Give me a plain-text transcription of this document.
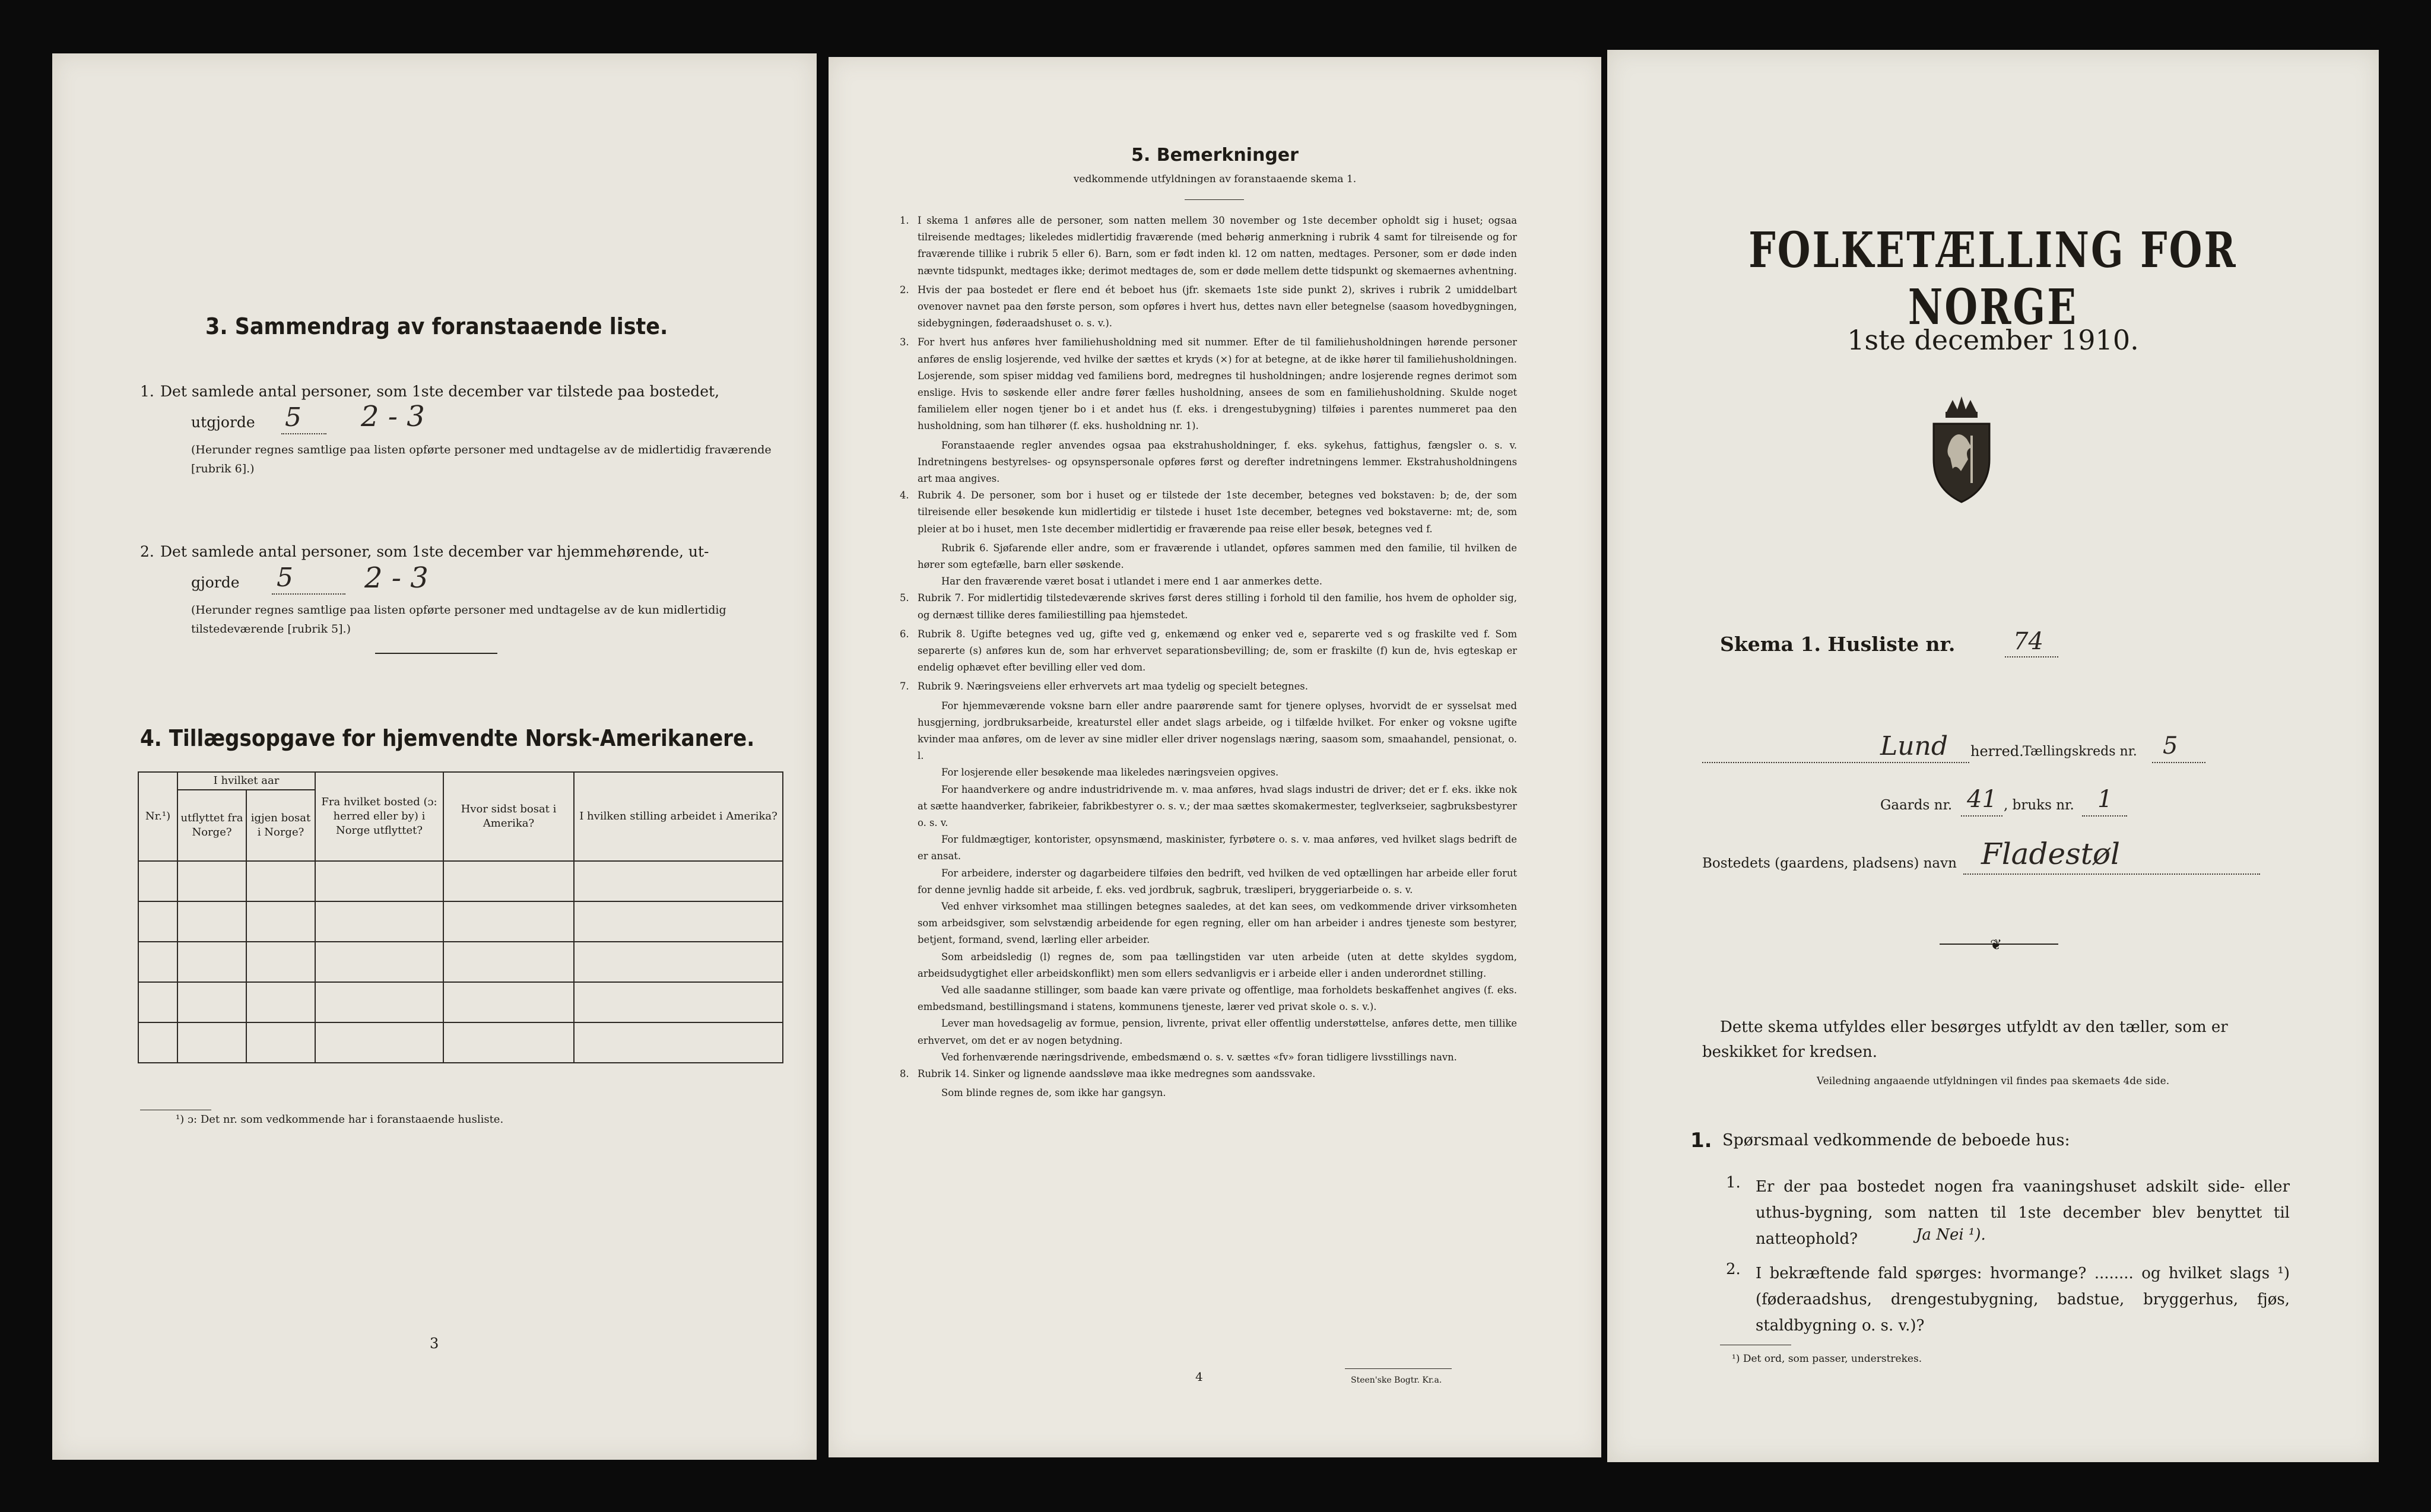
3. Sammendrag av foranstaaende liste.
1. Det samlede antal personer, som 1ste december var tilstede paa bostedet,
utgjorde 5 2 - 3
(Herunder regnes samtlige paa listen opførte personer med undtagelse av de midlertidig fraværende [rubrik 6].)
2. Det samlede antal personer, som 1ste december var hjemmehørende, ut-
gjorde 5	2 - 3
(Herunder regnes samtlige paa listen opførte personer med undtagelse av de kun midlertidig tilstedeværende [rubrik 5].)
4. Tillægsopgave for hjemvendte Norsk-Amerikanere.
Nr.¹)	I hvilket aar		Fra hvilket bosted (ɔ: herred eller by) i Norge utflyttet?	Hvor sidst bosat i Amerika?	I hvilken stilling arbeidet i Amerika?
	utflyttet fra Norge?	igjen bosat i Norge?			

¹) ɔ: Det nr. som vedkommende har i foranstaaende husliste.
3
5. Bemerkninger
vedkommende utfyldningen av foranstaaende skema 1.
1. I skema 1 anføres alle de personer, som natten mellem 30 november og 1ste december opholdt sig i huset; ogsaa tilreisende medtages; likeledes midlertidig fraværende (med behørig anmerkning i rubrik 4 samt for tilreisende og for fraværende tillike i rubrik 5 eller 6). Barn, som er født inden kl. 12 om natten, medtages. Personer, som er døde inden nævnte tidspunkt, medtages ikke; derimot medtages de, som er døde mellem dette tidspunkt og skemaernes avhentning.
2. Hvis der paa bostedet er flere end ét beboet hus (jfr. skemaets 1ste side punkt 2), skrives i rubrik 2 umiddelbart ovenover navnet paa den første person, som opføres i hvert hus, dettes navn eller betegnelse (saasom hovedbygningen, sidebygningen, føderaadshuset o. s. v.).
3. For hvert hus anføres hver familiehusholdning med sit nummer. Efter de til familiehusholdningen hørende personer anføres de enslig losjerende, ved hvilke der sættes et kryds (×) for at betegne, at de ikke hører til familiehusholdningen. Losjerende, som spiser middag ved familiens bord, medregnes til husholdningen; andre losjerende regnes derimot som enslige. Hvis to søskende eller andre fører fælles husholdning, ansees de som en familiehusholdning. Skulde noget familielem eller nogen tjener bo i et andet hus (f. eks. i drengestubygning) tilføies i parentes nummeret paa den husholdning, som han tilhører (f. eks. husholdning nr. 1).
Foranstaaende regler anvendes ogsaa paa ekstrahusholdninger, f. eks. sykehus, fattighus, fængsler o. s. v. Indretningens bestyrelses- og opsynspersonale opføres først og derefter indretningens lemmer. Ekstrahusholdningens art maa angives.
4. Rubrik 4. De personer, som bor i huset og er tilstede der 1ste december, betegnes ved bokstaven: b; de, der som tilreisende eller besøkende kun midlertidig er tilstede i huset 1ste december, betegnes ved bokstaverne: mt; de, som pleier at bo i huset, men 1ste december midlertidig er fraværende paa reise eller besøk, betegnes ved f.
Rubrik 6. Sjøfarende eller andre, som er fraværende i utlandet, opføres sammen med den familie, til hvilken de hører som egtefælle, barn eller søskende.
Har den fraværende været bosat i utlandet i mere end 1 aar anmerkes dette.
5. Rubrik 7. For midlertidig tilstedeværende skrives først deres stilling i forhold til den familie, hos hvem de opholder sig, og dernæst tillike deres familiestilling paa hjemstedet.
6. Rubrik 8. Ugifte betegnes ved ug, gifte ved g, enkemænd og enker ved e, separerte ved s og fraskilte ved f. Som separerte (s) anføres kun de, som har erhvervet separationsbevilling; de, som er fraskilte (f) kun de, hvis egteskap er endelig ophævet efter bevilling eller ved dom.
7. Rubrik 9. Næringsveiens eller erhvervets art maa tydelig og specielt betegnes.
For hjemmeværende voksne barn eller andre paarørende samt for tjenere oplyses, hvorvidt de er sysselsat med husgjerning, jordbruksarbeide, kreaturstel eller andet slags arbeide, og i tilfælde hvilket. For enker og voksne ugifte kvinder maa anføres, om de lever av sine midler eller driver nogenslags næring, saasom som, smaahandel, pensionat, o. l.
For losjerende eller besøkende maa likeledes næringsveien opgives.
For haandverkere og andre industridrivende m. v. maa anføres, hvad slags industri de driver; det er f. eks. ikke nok at sætte haandverker, fabrikeier, fabrikbestyrer o. s. v.; der maa sættes skomakermester, teglverkseier, sagbruksbestyrer o. s. v.
For fuldmægtiger, kontorister, opsynsmænd, maskinister, fyrbøtere o. s. v. maa anføres, ved hvilket slags bedrift de er ansat.
For arbeidere, inderster og dagarbeidere tilføies den bedrift, ved hvilken de ved optællingen har arbeide eller forut for denne jevnlig hadde sit arbeide, f. eks. ved jordbruk, sagbruk, træsliperi, bryggeriarbeide o. s. v.
Ved enhver virksomhet maa stillingen betegnes saaledes, at det kan sees, om vedkommende driver virksomheten som arbeidsgiver, som selvstændig arbeidende for egen regning, eller om han arbeider i andres tjeneste som bestyrer, betjent, formand, svend, lærling eller arbeider.
Som arbeidsledig (l) regnes de, som paa tællingstiden var uten arbeide (uten at dette skyldes sygdom, arbeidsudygtighet eller arbeidskonflikt) men som ellers sedvanligvis er i arbeide eller i anden underordnet stilling.
Ved alle saadanne stillinger, som baade kan være private og offentlige, maa forholdets beskaffenhet angives (f. eks. embedsmand, bestillingsmand i statens, kommunens tjeneste, lærer ved privat skole o. s. v.).
Lever man hovedsagelig av formue, pension, livrente, privat eller offentlig understøttelse, anføres dette, men tillike erhvervet, om det er av nogen betydning.
Ved forhenværende næringsdrivende, embedsmænd o. s. v. sættes «fv» foran tidligere livsstillings navn.
8. Rubrik 14. Sinker og lignende aandssløve maa ikke medregnes som aandssvake.
Som blinde regnes de, som ikke har gangsyn.
4	Steen'ske Bogtr. Kr.a.
FOLKETÆLLING FOR NORGE
1ste december 1910.
Skema 1. Husliste nr. 74
Lund herred.
Tællingskreds nr. 5
Gaards nr. 41 , bruks nr. 1
Bostedets (gaardens, pladsens) navn Fladestøl
❦
Dette skema utfyldes eller besørges utfyldt av den tæller, som er
beskikket for kredsen.
Veiledning angaaende utfyldningen vil findes paa skemaets 4de side.
1. Spørsmaal vedkommende de beboede hus:
1. Er der paa bostedet nogen fra vaaningshuset adskilt side- eller uthus-bygning, som natten til 1ste december blev benyttet til natteophold?	Ja Nei ¹).
2. I bekræftende fald spørges: hvormange? ........ og hvilket slags ¹) (føderaadshus, drengestubygning, badstue, bryggerhus, fjøs, staldbygning o. s. v.)?
¹) Det ord, som passer, understrekes.
